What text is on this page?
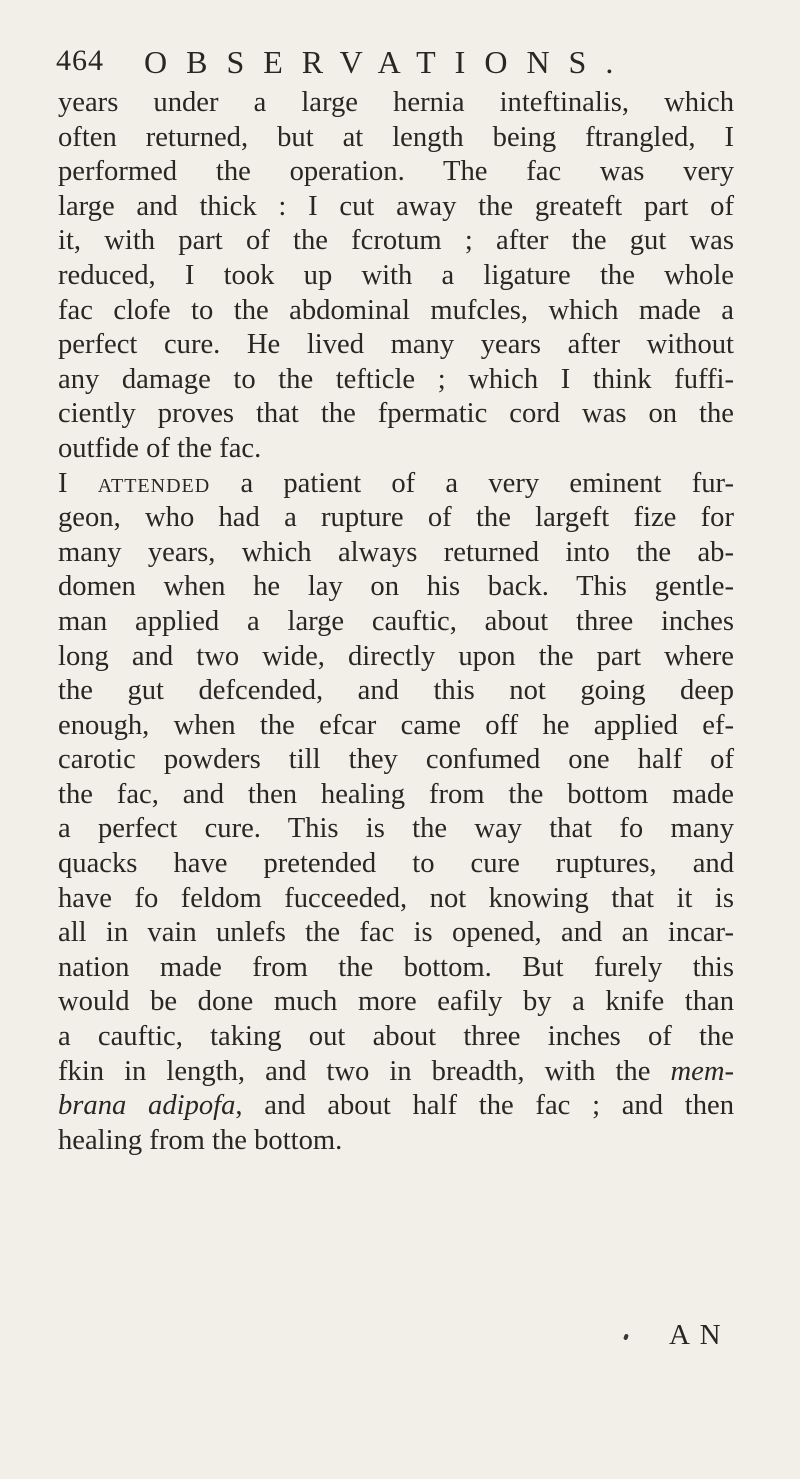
464 OBSERVATIONS.
years under a large hernia inteftinalis, which
often returned, but at length being ftrangled, I
performed the operation. The fac was very
large and thick : I cut away the greateft part of
it, with part of the fcrotum ; after the gut was
reduced, I took up with a ligature the whole
fac clofe to the abdominal mufcles, which made a
perfect cure. He lived many years after without
any damage to the tefticle ; which I think fuffi-
ciently proves that the fpermatic cord was on the
outfide of the fac.
I attended a patient of a very eminent fur-
geon, who had a rupture of the largeft fize for
many years, which always returned into the ab-
domen when he lay on his back. This gentle-
man applied a large cauftic, about three inches
long and two wide, directly upon the part where
the gut defcended, and this not going deep
enough, when the efcar came off he applied ef-
carotic powders till they confumed one half of
the fac, and then healing from the bottom made
a perfect cure. This is the way that fo many
quacks have pretended to cure ruptures, and
have fo feldom fucceeded, not knowing that it is
all in vain unlefs the fac is opened, and an incar-
nation made from the bottom. But furely this
would be done much more eafily by a knife than
a cauftic, taking out about three inches of the
fkin in length, and two in breadth, with the mem-
brana adipofa, and about half the fac ; and then
healing from the bottom.
A N
